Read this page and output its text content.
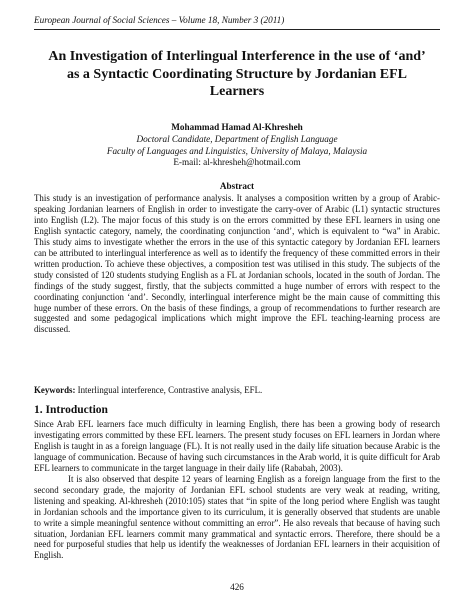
European Journal of Social Sciences – Volume 18, Number 3 (2011)
An Investigation of Interlingual Interference in the use of ‘and’
as a Syntactic Coordinating Structure by Jordanian EFL
Learners
Mohammad Hamad Al-Khresheh
Doctoral Candidate, Department of English Language
Faculty of Languages and Linguistics, University of Malaya, Malaysia
E-mail: al-khresheh@hotmail.com
Abstract
This study is an investigation of performance analysis. It analyses a composition written by a group of Arabic-speaking Jordanian learners of English in order to investigate the carry-over of Arabic (L1) syntactic structures into English (L2). The major focus of this study is on the errors committed by these EFL learners in using one English syntactic category, namely, the coordinating conjunction ‘and’, which is equivalent to “wa” in Arabic. This study aims to investigate whether the errors in the use of this syntactic category by Jordanian EFL learners can be attributed to interlingual interference as well as to identify the frequency of these committed errors in their written production. To achieve these objectives, a composition test was utilised in this study. The subjects of the study consisted of 120 students studying English as a FL at Jordanian schools, located in the south of Jordan. The findings of the study suggest, firstly, that the subjects committed a huge number of errors with respect to the coordinating conjunction ‘and’. Secondly, interlingual interference might be the main cause of committing this huge number of these errors. On the basis of these findings, a group of recommendations to further research are suggested and some pedagogical implications which might improve the EFL teaching-learning process are discussed.
Keywords: Interlingual interference, Contrastive analysis, EFL.
1. Introduction

Since Arab EFL learners face much difficulty in learning English, there has been a growing body of research investigating errors committed by these EFL learners. The present study focuses on EFL learners in Jordan where English is taught in as a foreign language (FL). It is not really used in the daily life situation because Arabic is the language of communication. Because of having such circumstances in the Arab world, it is quite difficult for Arab EFL learners to communicate in the target language in their daily life (Rababah, 2003).

It is also observed that despite 12 years of learning English as a foreign language from the first to the second secondary grade, the majority of Jordanian EFL school students are very weak at reading, writing, listening and speaking. Al-khresheh (2010:105) states that “in spite of the long period where English was taught in Jordanian schools and the importance given to its curriculum, it is generally observed that students are unable to write a simple meaningful sentence without committing an error”. He also reveals that because of having such situation, Jordanian EFL learners commit many grammatical and syntactic errors. Therefore, there should be a need for purposeful studies that help us identify the weaknesses of Jordanian EFL learners in their acquisition of English.

426
